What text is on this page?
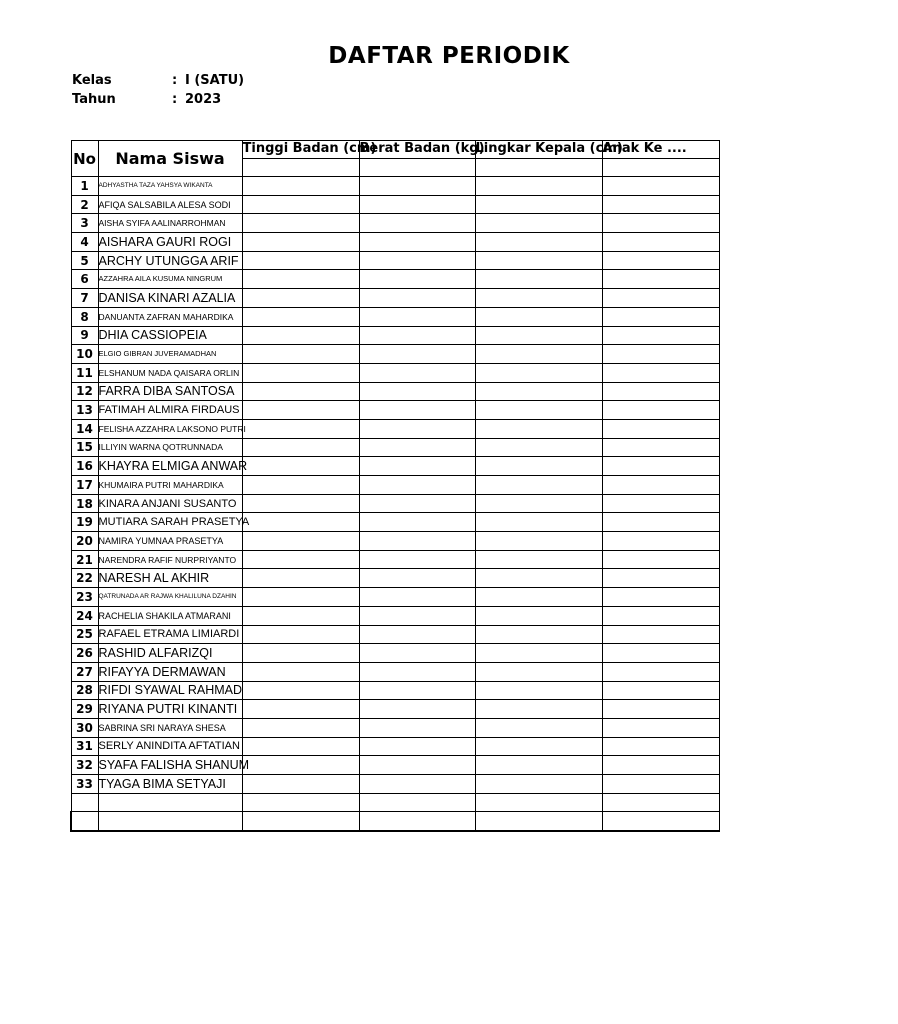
DAFTAR PERIODIK
Kelas	: I (SATU)
Tahun	: 2023
No	Nama Siswa	Tinggi Badan (cm)	Berat Badan (kg)	Lingkar Kepala (cm)	Anak Ke ....

1	ADHYASTHA TAZA YAHSYA WIKANTA				
2	AFIQA SALSABILA ALESA SODI				
3	AISHA SYIFA AALINARROHMAN				
4	AISHARA GAURI ROGI				
5	ARCHY UTUNGGA ARIF				
6	AZZAHRA AILA KUSUMA NINGRUM				
7	DANISA KINARI AZALIA				
8	DANUANTA ZAFRAN MAHARDIKA				
9	DHIA CASSIOPEIA				
10	ELGIO GIBRAN JUVERAMADHAN				
11	ELSHANUM NADA QAISARA ORLIN				
12	FARRA DIBA SANTOSA				
13	FATIMAH ALMIRA FIRDAUS				
14	FELISHA AZZAHRA LAKSONO PUTRI				
15	ILLIYIN WARNA QOTRUNNADA				
16	KHAYRA ELMIGA ANWAR				
17	KHUMAIRA PUTRI MAHARDIKA				
18	KINARA ANJANI SUSANTO				
19	MUTIARA SARAH PRASETYA				
20	NAMIRA YUMNAA PRASETYA				
21	NARENDRA RAFIF NURPRIYANTO				
22	NARESH AL AKHIR				
23	QATRUNADA AR RAJWA KHALILUNA DZAHIN				
24	RACHELIA SHAKILA ATMARANI				
25	RAFAEL ETRAMA LIMIARDI				
26	RASHID ALFARIZQI				
27	RIFAYYA DERMAWAN				
28	RIFDI SYAWAL RAHMAD				
29	RIYANA PUTRI KINANTI				
30	SABRINA SRI NARAYA SHESA				
31	SERLY ANINDITA AFTATIAN				
32	SYAFA FALISHA SHANUM				
33	TYAGA BIMA SETYAJI				
